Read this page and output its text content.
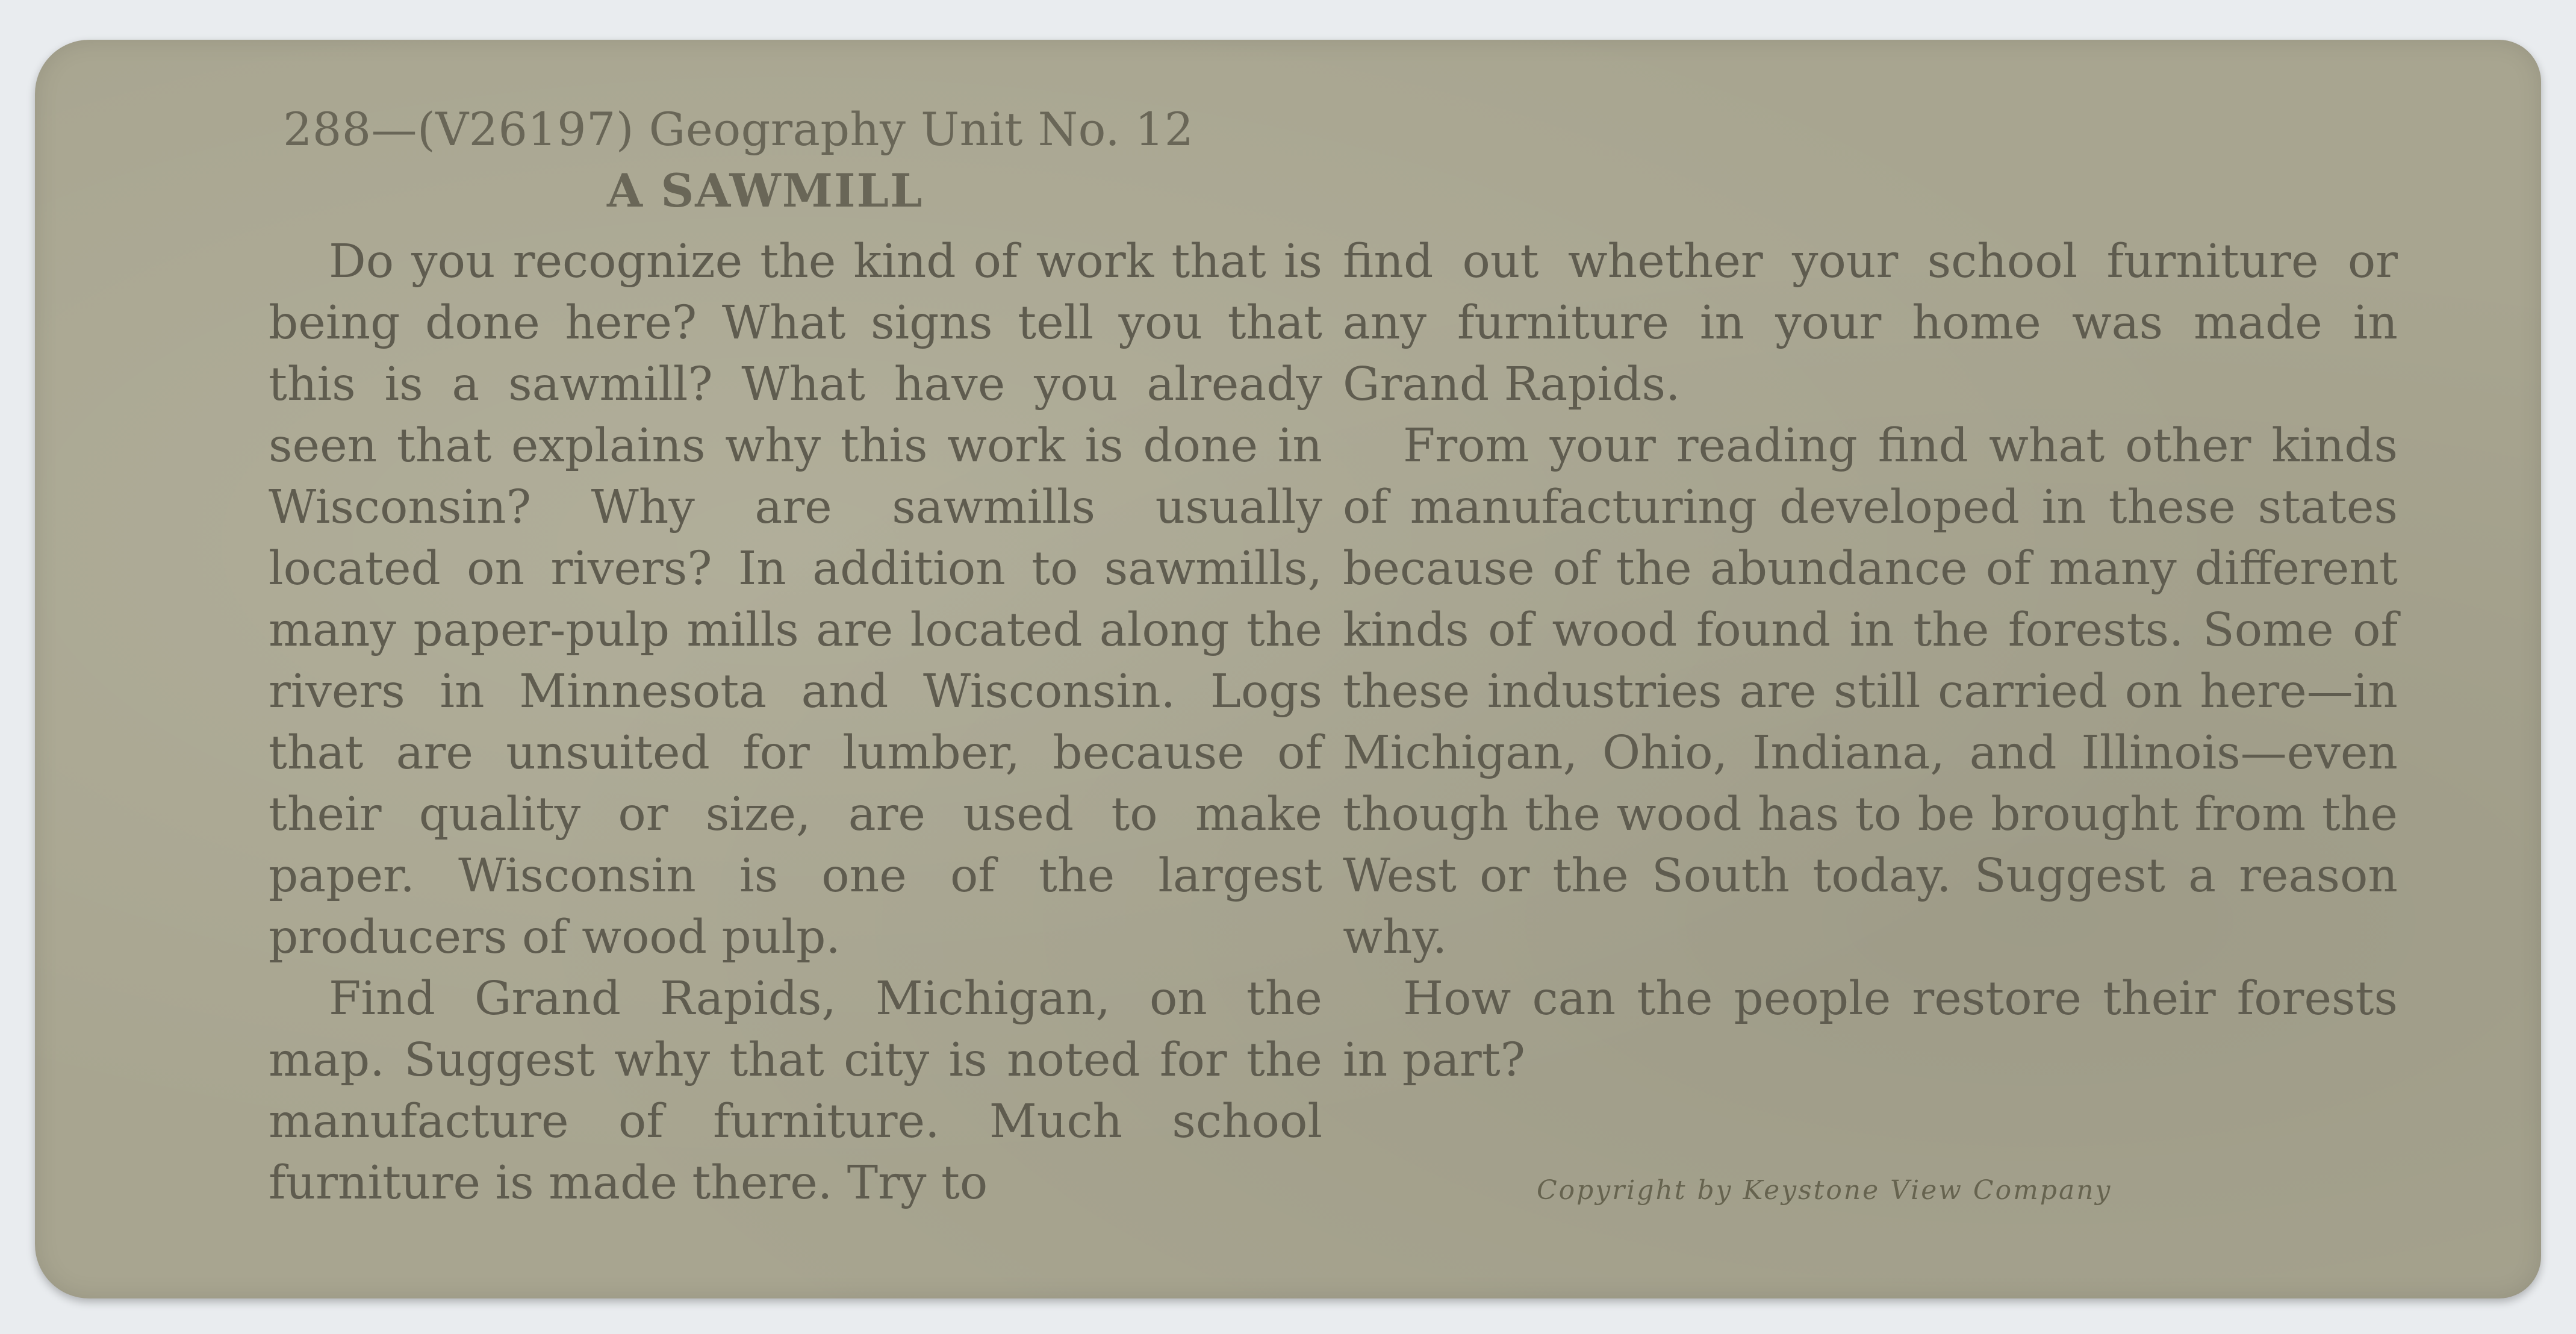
288—(V26197) Geography Unit No. 12
A SAWMILL

Do you recognize the kind of work that is being done here? What signs tell you that this is a sawmill? What have you already seen that explains why this work is done in Wisconsin? Why are sawmills usually located on rivers? In addition to sawmills, many paper-pulp mills are located along the rivers in Minnesota and Wisconsin. Logs that are unsuited for lumber, because of their quality or size, are used to make paper. Wisconsin is one of the largest producers of wood pulp.

Find Grand Rapids, Michigan, on the map. Suggest why that city is noted for the manufacture of furniture. Much school furniture is made there. Try to

find out whether your school furniture or any furniture in your home was made in Grand Rapids.

From your reading find what other kinds of manufacturing developed in these states because of the abundance of many different kinds of wood found in the forests. Some of these industries are still carried on here—in Michigan, Ohio, Indiana, and Illinois—even though the wood has to be brought from the West or the South today. Suggest a reason why.

How can the people restore their forests in part?

Copyright by Keystone View Company
